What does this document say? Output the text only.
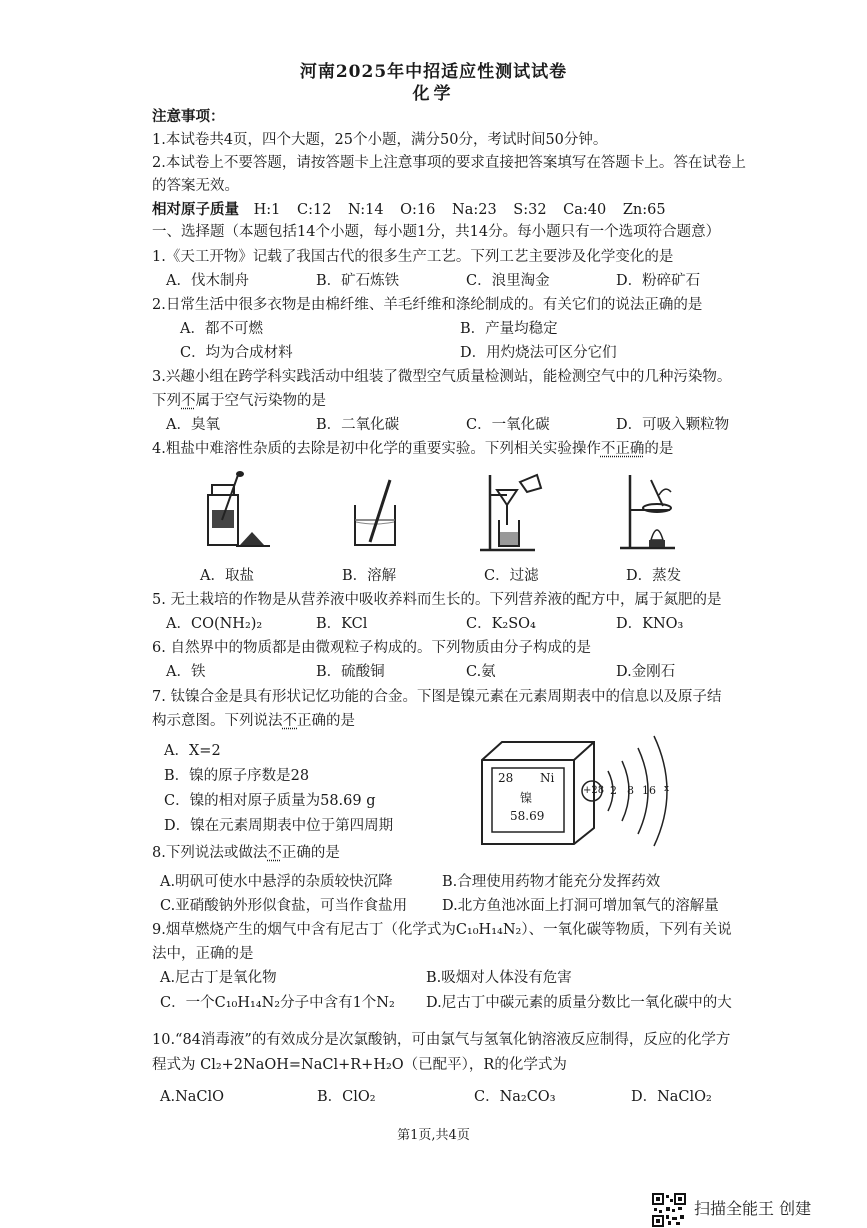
河南2025年中招适应性测试试卷
化学
注意事项：
1.本试卷共4页，四个大题，25个小题，满分50分，考试时间50分钟。
2.本试卷上不要答题，请按答题卡上注意事项的要求直接把答案填写在答题卡上。答在试卷上
的答案无效。
相对原子质量 H:1 C:12 N:14 O:16 Na:23 S:32 Ca:40 Zn:65
一、选择题（本题包括14个小题，每小题1分，共14分。每小题只有一个选项符合题意）
1.《天工开物》记载了我国古代的很多生产工艺。下列工艺主要涉及化学变化的是
A．伐木制舟	B．矿石炼铁	C．浪里淘金	D．粉碎矿石
2.日常生活中很多衣物是由棉纤维、羊毛纤维和涤纶制成的。有关它们的说法正确的是
A．都不可燃	B．产量均稳定
C．均为合成材料	D．用灼烧法可区分它们
3.兴趣小组在跨学科实践活动中组装了微型空气质量检测站，能检测空气中的几种污染物。
下列不属于空气污染物的是
A．臭氧	B．二氧化碳	C．一氧化碳	D．可吸入颗粒物
4.粗盐中难溶性杂质的去除是初中化学的重要实验。下列相关实验操作不正确的是
A．取盐	B．溶解	C．过滤	D．蒸发
5. 无土栽培的作物是从营养液中吸收养料而生长的。下列营养液的配方中，属于氮肥的是
A．CO(NH₂)₂	B．KCl	C．K₂SO₄	D．KNO₃
6. 自然界中的物质都是由微观粒子构成的。下列物质由分子构成的是
A．铁	B．硫酸铜	C.氨	D.金刚石
7. 钛镍合金是具有形状记忆功能的合金。下图是镍元素在元素周期表中的信息以及原子结
构示意图。下列说法不正确的是
A．X=2
B．镍的原子序数是28
C．镍的相对原子质量为58.69 g
D．镍在元素周期表中位于第四周期
28 Ni
镍
58.69
+28 2 8 16 x
8.下列说法或做法不正确的是
A.明矾可使水中悬浮的杂质较快沉降	B.合理使用药物才能充分发挥药效
C.亚硝酸钠外形似食盐，可当作食盐用	D.北方鱼池冰面上打洞可增加氧气的溶解量
9.烟草燃烧产生的烟气中含有尼古丁（化学式为C₁₀H₁₄N₂）、一氧化碳等物质，下列有关说
法中，正确的是
A.尼古丁是氧化物	B.吸烟对人体没有危害
C．一个C₁₀H₁₄N₂分子中含有1个N₂	D.尼古丁中碳元素的质量分数比一氧化碳中的大
10.“84消毒液”的有效成分是次氯酸钠，可由氯气与氢氧化钠溶液反应制得，反应的化学方
程式为 Cl₂+2NaOH=NaCl+R+H₂O（已配平），R的化学式为
A.NaClO	B．ClO₂	C．Na₂CO₃	D．NaClO₂
第1页,共4页
扫描全能王 创建
